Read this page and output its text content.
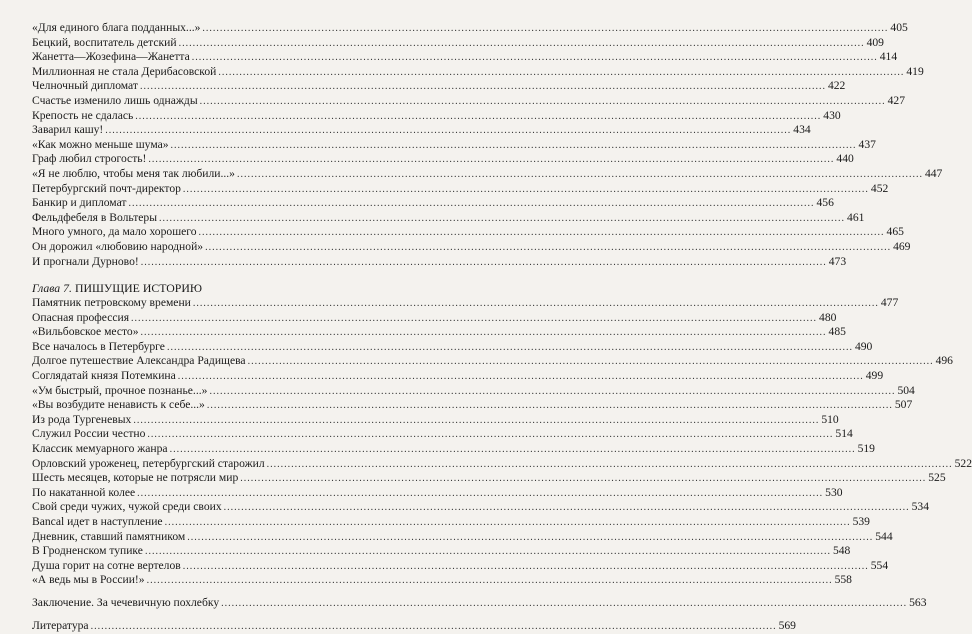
«Для единого блага подданных...» .....	405
Бецкий, воспитатель детский .....	409
Жанетта—Жозефина—Жанетта .....	414
Миллионная не стала Дерибасовской .....	419
Челночный дипломат .....	422
Счастье изменило лишь однажды .....	427
Крепость не сдалась .....	430
Заварил кашу! .....	434
«Как можно меньше шума» .....	437
Граф любил строгость! .....	440
«Я не люблю, чтобы меня так любили...» .....	447
Петербургский почт-директор .....	452
Банкир и дипломат .....	456
Фельдфебеля в Вольтеры .....	461
Много умного, да мало хорошего .....	465
Он дорожил «любовию народной» .....	469
И прогнали Дурново! .....	473
Глава 7. ПИШУЩИЕ ИСТОРИЮ
Памятник петровскому времени .....	477
Опасная профессия .....	480
«Вильбовское место» .....	485
Все началось в Петербурге .....	490
Долгое путешествие Александра Радищева .....	496
Соглядатай князя Потемкина .....	499
«Ум быстрый, прочное познанье...» .....	504
«Вы возбудите ненависть к себе...» .....	507
Из рода Тургеневых .....	510
Служил России честно .....	514
Классик мемуарного жанра .....	519
Орловский уроженец, петербургский старожил .....	522
Шесть месяцев, которые не потрясли мир .....	525
По накатанной колее .....	530
Свой среди чужих, чужой среди своих .....	534
Bancal идет в наступление .....	539
Дневник, ставший памятником .....	544
В Гродненском тупике .....	548
Душа горит на сотне вертелов .....	554
«А ведь мы в России!» .....	558
Заключение. За чечевичную похлебку .....	563
Литература .....	569
